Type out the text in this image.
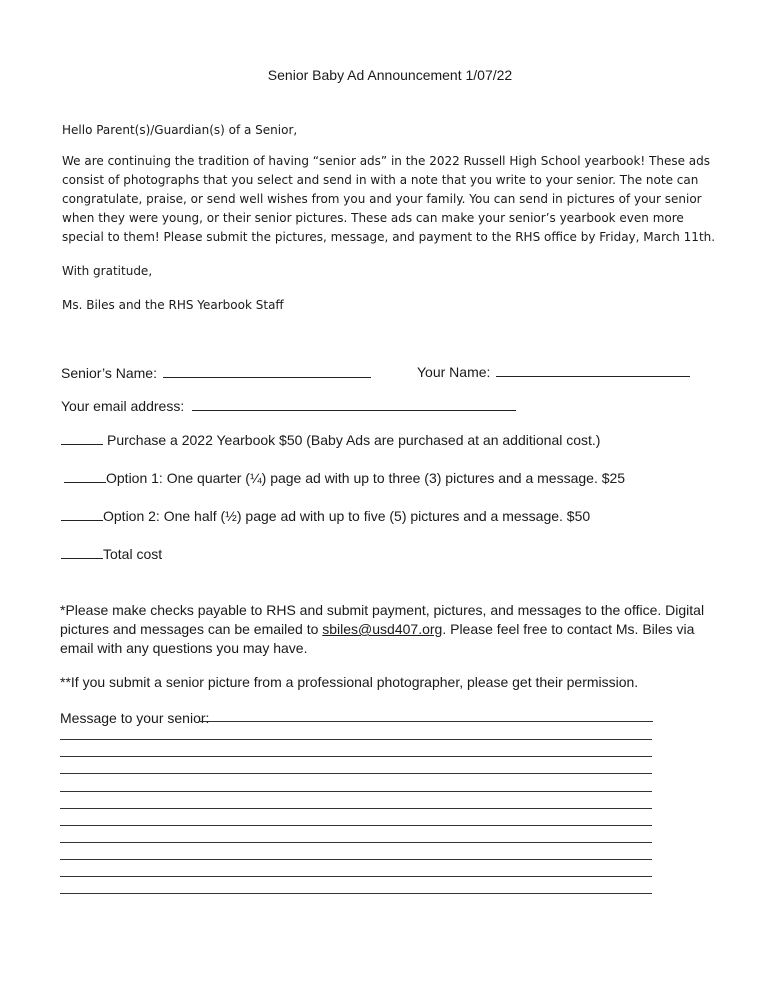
Senior Baby Ad Announcement 1/07/22
Hello Parent(s)/Guardian(s) of a Senior,
We are continuing the tradition of having “senior ads” in the 2022 Russell High School yearbook! These ads consist of photographs that you select and send in with a note that you write to your senior. The note can congratulate, praise, or send well wishes from you and your family. You can send in pictures of your senior when they were young, or their senior pictures. These ads can make your senior’s yearbook even more special to them! Please submit the pictures, message, and payment to the RHS office by Friday, March 11th.
With gratitude,
Ms. Biles and the RHS Yearbook Staff
Senior’s Name:	Your Name:
Your email address:
Purchase a 2022 Yearbook $50 (Baby Ads are purchased at an additional cost.)
Option 1: One quarter (¼) page ad with up to three (3) pictures and a message. $25
Option 2: One half (½) page ad with up to five (5) pictures and a message. $50
Total cost
*Please make checks payable to RHS and submit payment, pictures, and messages to the office. Digital pictures and messages can be emailed to sbiles@usd407.org. Please feel free to contact Ms. Biles via email with any questions you may have.
**If you submit a senior picture from a professional photographer, please get their permission.
Message to your senior:
